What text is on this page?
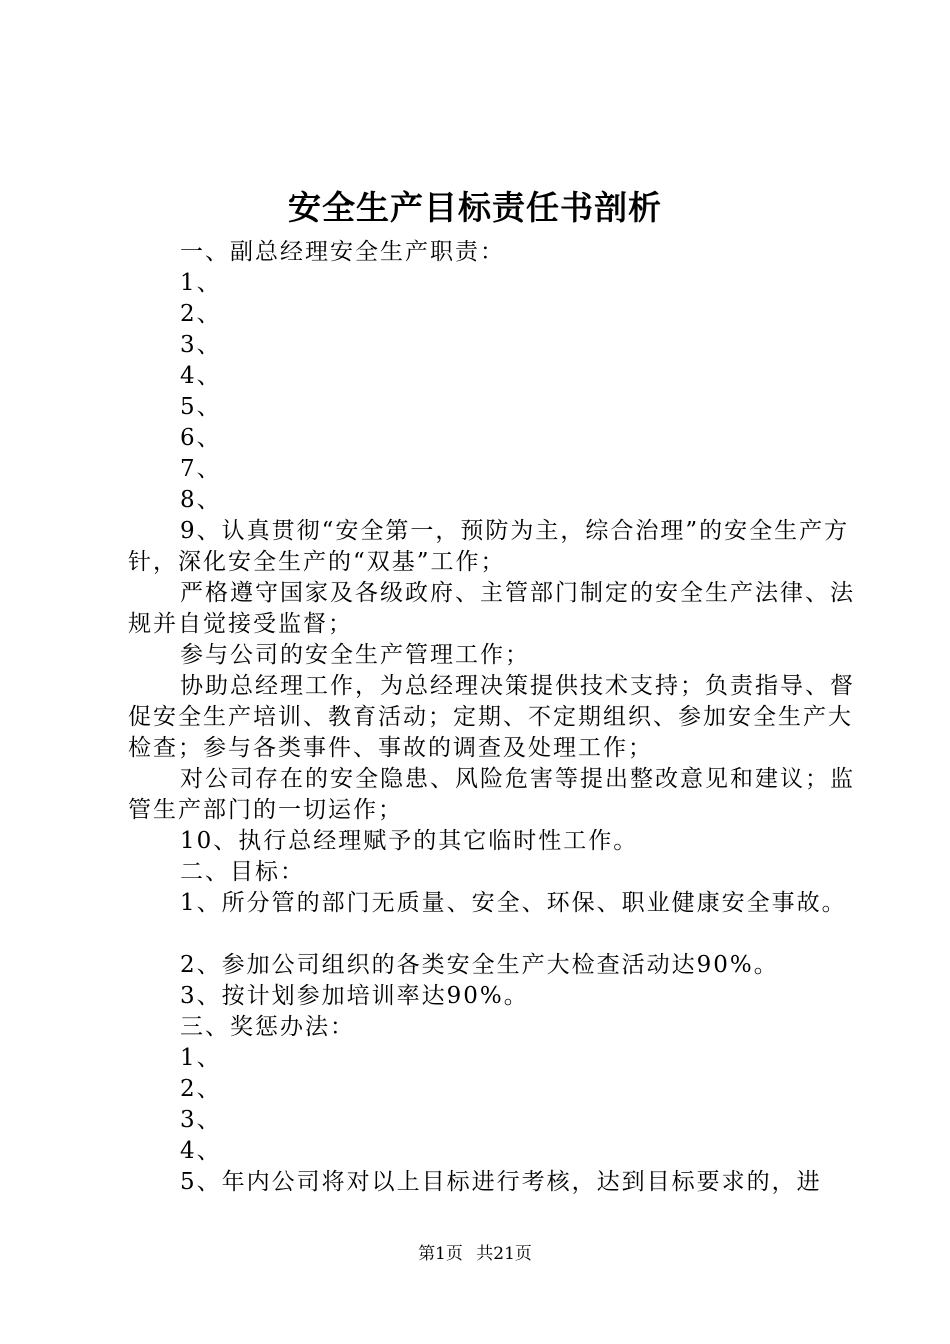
安全生产目标责任书剖析

一、副总经理安全生产职责：

1、

2、

3、

4、

5、

6、

7、

8、

9、认真贯彻“安全第一，预防为主，综合治理”的安全生产方针，深化安全生产的“双基”工作；

严格遵守国家及各级政府、主管部门制定的安全生产法律、法规并自觉接受监督；

参与公司的安全生产管理工作；

协助总经理工作，为总经理决策提供技术支持；负责指导、督促安全生产培训、教育活动；定期、不定期组织、参加安全生产大检查；参与各类事件、事故的调查及处理工作；

对公司存在的安全隐患、风险危害等提出整改意见和建议；监管生产部门的一切运作；

10、执行总经理赋予的其它临时性工作。

二、目标：

1、所分管的部门无质量、安全、环保、职业健康安全事故。

2、参加公司组织的各类安全生产大检查活动达90%。

3、按计划参加培训率达90%。

三、奖惩办法：

1、

2、

3、

4、

5、年内公司将对以上目标进行考核，达到目标要求的，进

第1页 共21页
